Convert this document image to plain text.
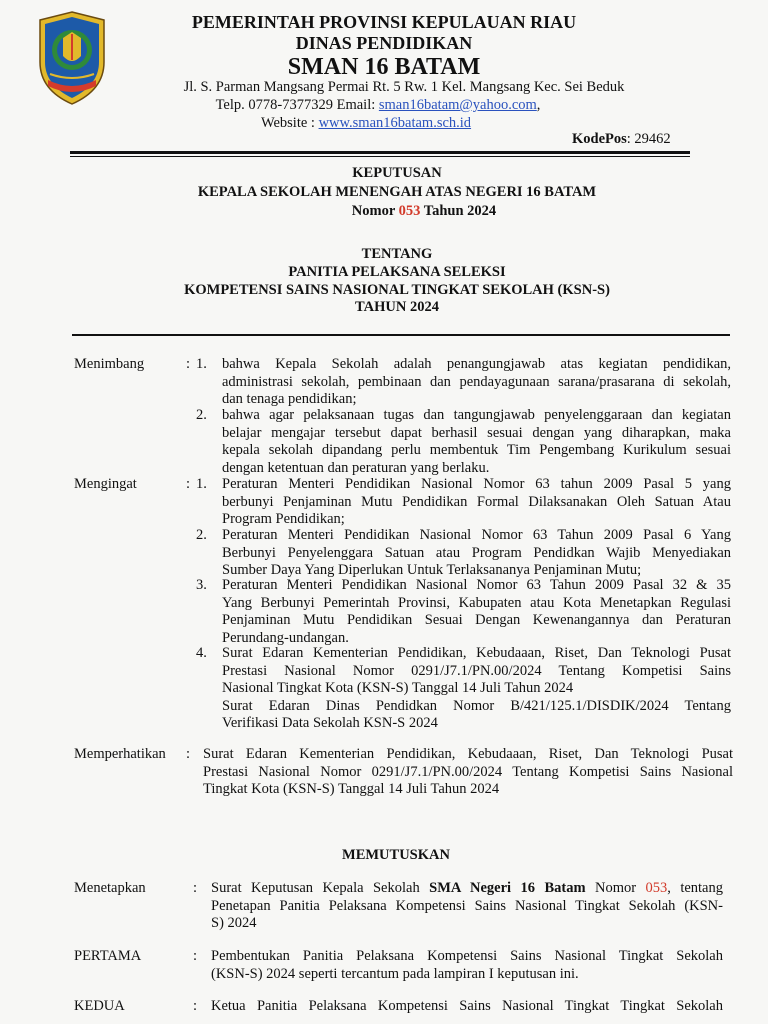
PEMERINTAH PROVINSI KEPULAUAN RIAU
DINAS PENDIDIKAN
SMAN 16 BATAM
Jl. S. Parman Mangsang Permai Rt. 5 Rw. 1 Kel. Mangsang Kec. Sei Beduk
Telp. 0778-7377329 Email: sman16batam@yahoo.com,
Website : www.sman16batam.sch.id
KodePos: 29462
KEPUTUSAN
KEPALA SEKOLAH MENENGAH ATAS NEGERI 16 BATAM
Nomor 053 Tahun 2024
TENTANG
PANITIA PELAKSANA SELEKSI
KOMPETENSI SAINS NASIONAL TINGKAT SEKOLAH (KSN-S)
TAHUN 2024
Menimbang	: 1. bahwa Kepala Sekolah adalah penangungjawab atas kegiatan pendidikan,
administrasi sekolah, pembinaan dan pendayagunaan sarana/prasarana di sekolah,
dan tenaga pendidikan;
2. bahwa agar pelaksanaan tugas dan tangungjawab penyelenggaraan dan kegiatan
belajar mengajar tersebut dapat berhasil sesuai dengan yang diharapkan, maka
kepala sekolah dipandang perlu membentuk Tim Pengembang Kurikulum sesuai
dengan ketentuan dan peraturan yang berlaku.
Mengingat	: 1. Peraturan Menteri Pendidikan Nasional Nomor 63 tahun 2009 Pasal 5 yang
berbunyi Penjaminan Mutu Pendidikan Formal Dilaksanakan Oleh Satuan Atau
Program Pendidikan;
2. Peraturan Menteri Pendidikan Nasional Nomor 63 Tahun 2009 Pasal 6 Yang
Berbunyi Penyelenggara Satuan atau Program Pendidkan Wajib Menyediakan
Sumber Daya Yang Diperlukan Untuk Terlaksananya Penjaminan Mutu;
3. Peraturan Menteri Pendidikan Nasional Nomor 63 Tahun 2009 Pasal 32 & 35
Yang Berbunyi Pemerintah Provinsi, Kabupaten atau Kota Menetapkan Regulasi
Penjaminan Mutu Pendidikan Sesuai Dengan Kewenangannya dan Peraturan
Perundang-undangan.
4. Surat Edaran Kementerian Pendidikan, Kebudaaan, Riset, Dan Teknologi Pusat
Prestasi Nasional Nomor 0291/J7.1/PN.00/2024 Tentang Kompetisi Sains
Nasional Tingkat Kota (KSN-S) Tanggal 14 Juli Tahun 2024
Surat Edaran Dinas Pendidkan Nomor B/421/125.1/DISDIK/2024 Tentang
Verifikasi Data Sekolah KSN-S 2024
Memperhatikan : Surat Edaran Kementerian Pendidikan, Kebudaaan, Riset, Dan Teknologi Pusat
Prestasi Nasional Nomor 0291/J7.1/PN.00/2024 Tentang Kompetisi Sains Nasional
Tingkat Kota (KSN-S) Tanggal 14 Juli Tahun 2024
MEMUTUSKAN
Menetapkan	: Surat Keputusan Kepala Sekolah SMA Negeri 16 Batam Nomor 053, tentang
Penetapan Panitia Pelaksana Kompetensi Sains Nasional Tingkat Sekolah (KSN-
S) 2024
PERTAMA	: Pembentukan Panitia Pelaksana Kompetensi Sains Nasional Tingkat Sekolah
(KSN-S) 2024 seperti tercantum pada lampiran I keputusan ini.
KEDUA	: Ketua Panitia Pelaksana Kompetensi Sains Nasional Tingkat Tingkat Sekolah
